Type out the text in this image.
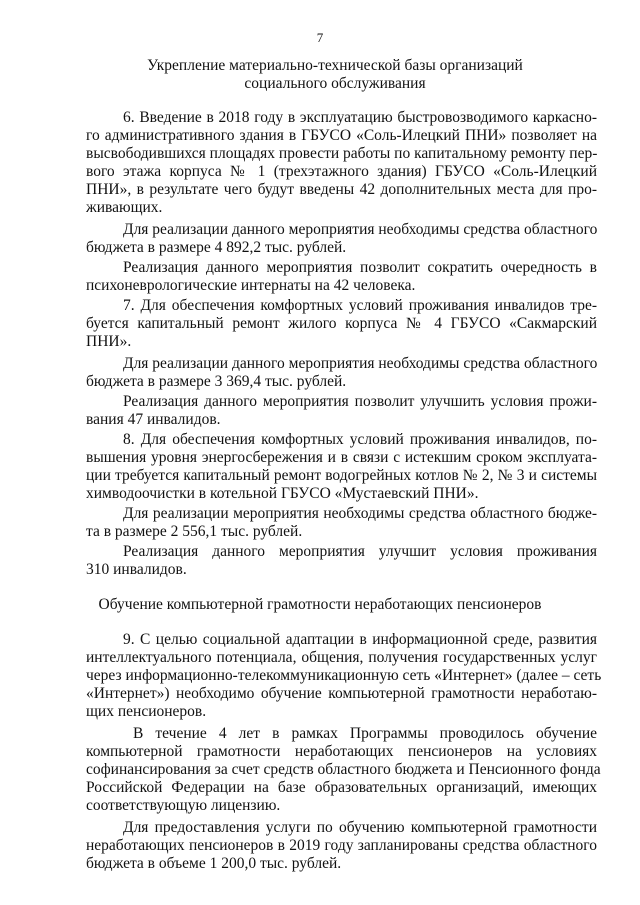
7
Укрепление материально-технической базы организаций
социального обслуживания
6. Введение в 2018 году в эксплуатацию быстровозводимого каркасно-
го административного здания в ГБУСО «Соль-Илецкий ПНИ» позволяет на
высвободившихся площадях провести работы по капитальному ремонту пер-
вого этажа корпуса № 1 (трехэтажного здания) ГБУСО «Соль-Илецкий
ПНИ», в результате чего будут введены 42 дополнительных места для про-
живающих.
Для реализации данного мероприятия необходимы средства областного
бюджета в размере 4 892,2 тыс. рублей.
Реализация данного мероприятия позволит сократить очередность в
психоневрологические интернаты на 42 человека.
7. Для обеспечения комфортных условий проживания инвалидов тре-
буется капитальный ремонт жилого корпуса № 4 ГБУСО «Сакмарский
ПНИ».
Для реализации данного мероприятия необходимы средства областного
бюджета в размере 3 369,4 тыс. рублей.
Реализация данного мероприятия позволит улучшить условия прожи-
вания 47 инвалидов.
8. Для обеспечения комфортных условий проживания инвалидов, по-
вышения уровня энергосбережения и в связи с истекшим сроком эксплуата-
ции требуется капитальный ремонт водогрейных котлов № 2, № 3 и системы
химводоочистки в котельной ГБУСО «Мустаевский ПНИ».
Для реализации мероприятия необходимы средства областного бюдже-
та в размере 2 556,1 тыс. рублей.
Реализация данного мероприятия улучшит условия проживания
310 инвалидов.
Обучение компьютерной грамотности неработающих пенсионеров
9. С целью социальной адаптации в информационной среде, развития
интеллектуального потенциала, общения, получения государственных услуг
через информационно-телекоммуникационную сеть «Интернет» (далее – сеть
«Интернет») необходимо обучение компьютерной грамотности неработаю-
щих пенсионеров.
В течение 4 лет в рамках Программы проводилось обучение
компьютерной грамотности неработающих пенсионеров на условиях
софинансирования за счет средств областного бюджета и Пенсионного фонда
Российской Федерации на базе образовательных организаций, имеющих
соответствующую лицензию.
Для предоставления услуги по обучению компьютерной грамотности
неработающих пенсионеров в 2019 году запланированы средства областного
бюджета в объеме 1 200,0 тыс. рублей.
